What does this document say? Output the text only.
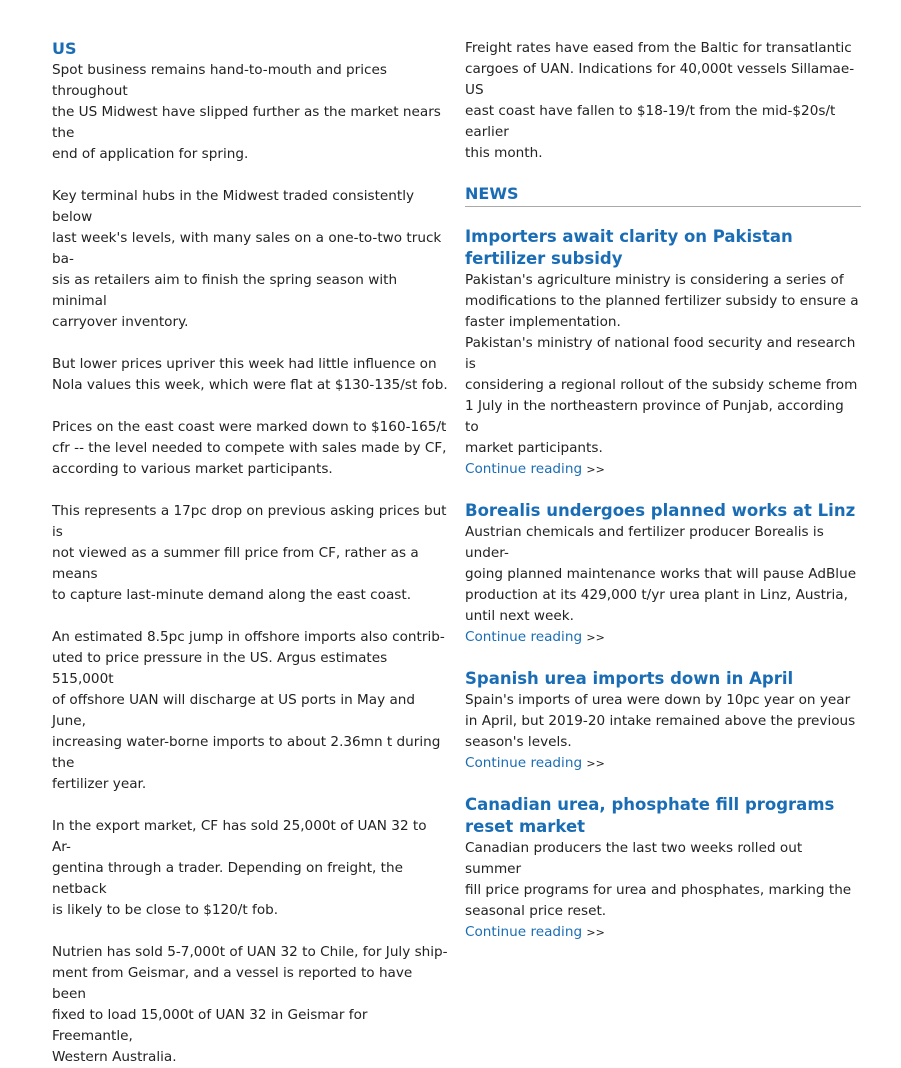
US

Spot business remains hand-to-mouth and prices throughout
the US Midwest have slipped further as the market nears the
end of application for spring.

Key terminal hubs in the Midwest traded consistently below
last week's levels, with many sales on a one-to-two truck ba-
sis as retailers aim to finish the spring season with minimal
carryover inventory.

But lower prices upriver this week had little influence on
Nola values this week, which were flat at $130-135/st fob.

Prices on the east coast were marked down to $160-165/t
cfr -- the level needed to compete with sales made by CF,
according to various market participants.

This represents a 17pc drop on previous asking prices but is
not viewed as a summer fill price from CF, rather as a means
to capture last-minute demand along the east coast.

An estimated 8.5pc jump in offshore imports also contrib-
uted to price pressure in the US. Argus estimates 515,000t
of offshore UAN will discharge at US ports in May and June,
increasing water-borne imports to about 2.36mn t during the
fertilizer year.

In the export market, CF has sold 25,000t of UAN 32 to Ar-
gentina through a trader. Depending on freight, the netback
is likely to be close to $120/t fob.

Nutrien has sold 5-7,000t of UAN 32 to Chile, for July ship-
ment from Geismar, and a vessel is reported to have been
fixed to load 15,000t of UAN 32 in Geismar for Freemantle,
Western Australia.

Freight rates have eased from the Baltic for transatlantic
cargoes of UAN. Indications for 40,000t vessels Sillamae-US
east coast have fallen to $18-19/t from the mid-$20s/t earlier
this month.

NEWS
Importers await clarity on Pakistan fertilizer subsidy

Pakistan's agriculture ministry is considering a series of
modifications to the planned fertilizer subsidy to ensure a
faster implementation.
Pakistan's ministry of national food security and research is
considering a regional rollout of the subsidy scheme from
1 July in the northeastern province of Punjab, according to
market participants.

Continue reading >>
Borealis undergoes planned works at Linz

Austrian chemicals and fertilizer producer Borealis is under-
going planned maintenance works that will pause AdBlue
production at its 429,000 t/yr urea plant in Linz, Austria,
until next week.

Continue reading >>
Spanish urea imports down in April

Spain's imports of urea were down by 10pc year on year
in April, but 2019-20 intake remained above the previous
season's levels.

Continue reading >>
Canadian urea, phosphate fill programs reset market

Canadian producers the last two weeks rolled out summer
fill price programs for urea and phosphates, marking the
seasonal price reset.

Continue reading >>
